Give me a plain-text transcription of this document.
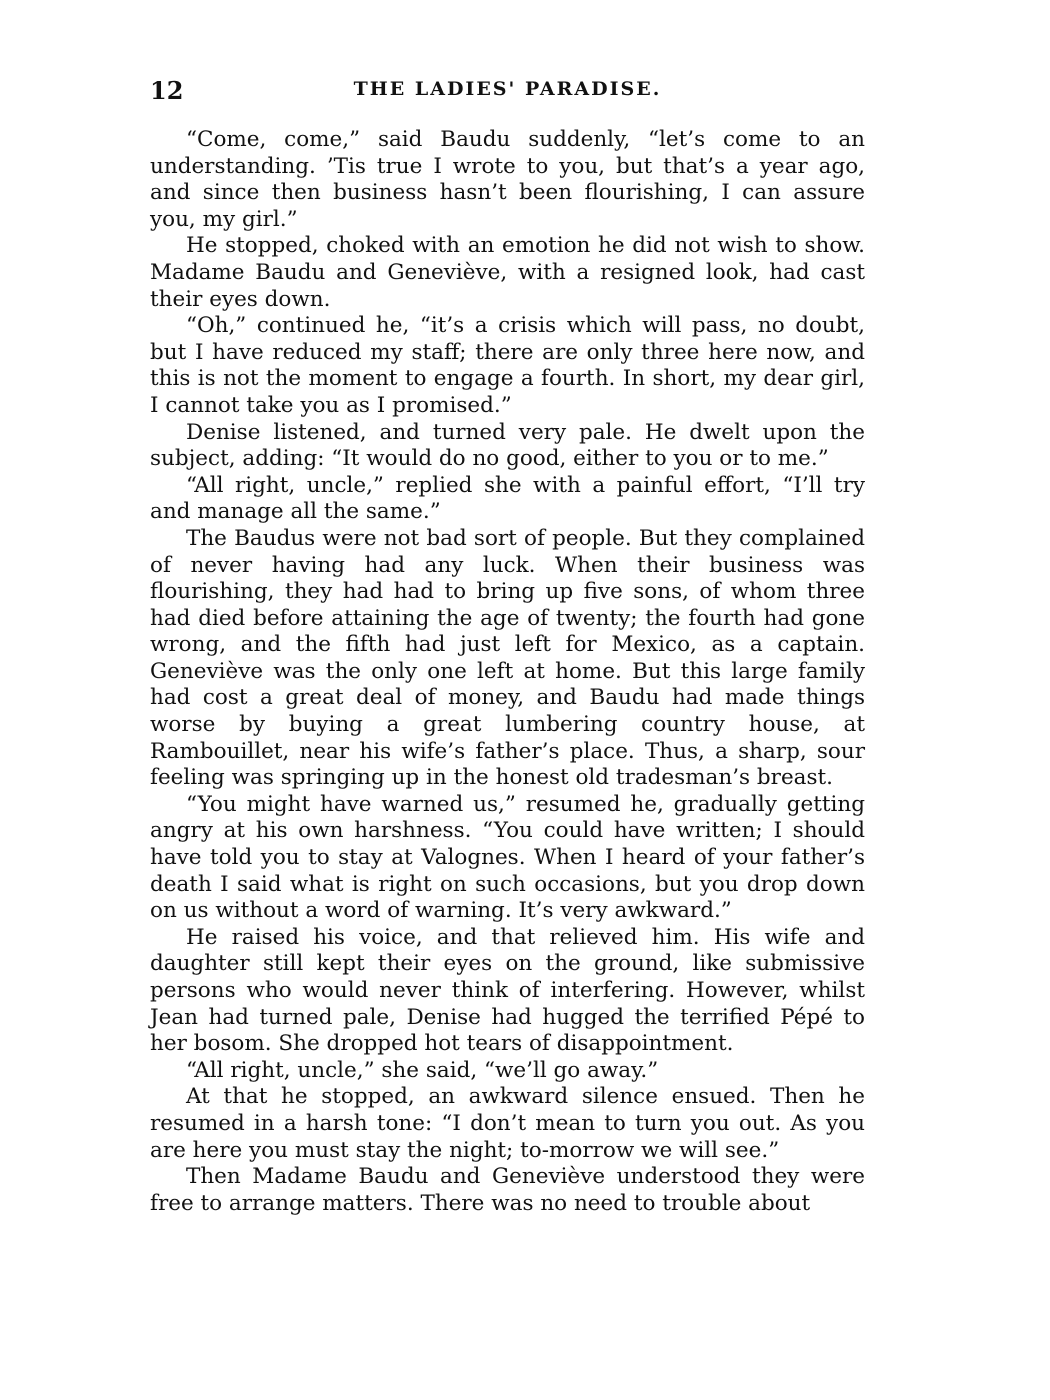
12	THE LADIES' PARADISE.

“Come, come,” said Baudu suddenly, “let’s come to an understanding. ’Tis true I wrote to you, but that’s a year ago, and since then business hasn’t been flourishing, I can assure you, my girl.”

He stopped, choked with an emotion he did not wish to show. Madame Baudu and Geneviève, with a resigned look, had cast their eyes down.

“Oh,” continued he, “it’s a crisis which will pass, no doubt, but I have reduced my staff; there are only three here now, and this is not the moment to engage a fourth. In short, my dear girl, I cannot take you as I promised.”

Denise listened, and turned very pale. He dwelt upon the subject, adding: “It would do no good, either to you or to me.”

“All right, uncle,” replied she with a painful effort, “I’ll try and manage all the same.”

The Baudus were not bad sort of people. But they complained of never having had any luck. When their business was flourishing, they had had to bring up five sons, of whom three had died before attaining the age of twenty; the fourth had gone wrong, and the fifth had just left for Mexico, as a captain. Geneviève was the only one left at home. But this large family had cost a great deal of money, and Baudu had made things worse by buying a great lumbering country house, at Rambouillet, near his wife’s father’s place. Thus, a sharp, sour feeling was springing up in the honest old tradesman’s breast.

“You might have warned us,” resumed he, gradually getting angry at his own harshness. “You could have written; I should have told you to stay at Valognes. When I heard of your father’s death I said what is right on such occasions, but you drop down on us without a word of warning. It’s very awkward.”

He raised his voice, and that relieved him. His wife and daughter still kept their eyes on the ground, like submissive persons who would never think of interfering. However, whilst Jean had turned pale, Denise had hugged the terrified Pépé to her bosom. She dropped hot tears of disappointment.

“All right, uncle,” she said, “we’ll go away.”

At that he stopped, an awkward silence ensued. Then he resumed in a harsh tone: “I don’t mean to turn you out. As you are here you must stay the night; to-morrow we will see.”

Then Madame Baudu and Geneviève understood they were free to arrange matters. There was no need to trouble about
